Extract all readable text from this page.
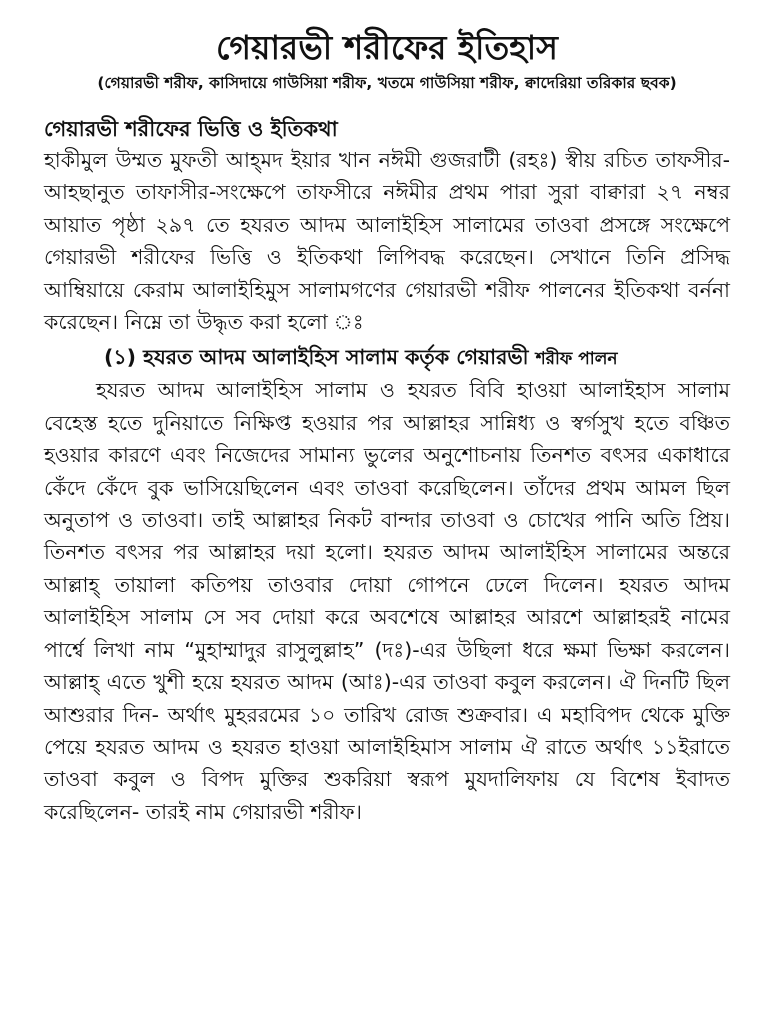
গেয়ারভী শরীফের ইতিহাস

(গেয়ারভী শরীফ, কাসিদায়ে গাউসিয়া শরীফ, খতমে গাউসিয়া শরীফ, ক্বাদেরিয়া তরিকার ছবক)

গেয়ারভী শরীফের ভিত্তি ও ইতিকথা

হাকীমুল উম্মত মুফতী আহ্‌মদ ইয়ার খান নঈমী গুজরাটী (রহঃ) স্বীয় রচিত তাফসীর- আহছানুত তাফাসীর-সংক্ষেপে তাফসীরে নঈমীর প্রথম পারা সুরা বাক্বারা ২৭ নম্বর আয়াত পৃষ্ঠা ২৯৭ তে হযরত আদম আলাইহিস সালামের তাওবা প্রসঙ্গে সংক্ষেপে গেয়ারভী শরীফের ভিত্তি ও ইতিকথা লিপিবদ্ধ করেছেন। সেখানে তিনি প্রসিদ্ধ আম্বিয়ায়ে কেরাম আলাইহিমুস সালামগণের গেয়ারভী শরীফ পালনের ইতিকথা বর্ননা করেছেন। নিম্নে তা উদ্ধৃত করা হলো ঃ

(১) হযরত আদম আলাইহিস সালাম কর্তৃক গেয়ারভী শরীফ পালন

হযরত আদম আলাইহিস সালাম ও হযরত বিবি হাওয়া আলাইহাস সালাম বেহেস্ত হতে দুনিয়াতে নিক্ষিপ্ত হওয়ার পর আল্লাহর সান্নিধ্য ও স্বর্গসুখ হতে বঞ্চিত হওয়ার কারণে এবং নিজেদের সামান্য ভুলের অনুশোচনায় তিনশত বৎসর একাধারে কেঁদে কেঁদে বুক ভাসিয়েছিলেন এবং তাওবা করেছিলেন। তাঁদের প্রথম আমল ছিল অনুতাপ ও তাওবা। তাই আল্লাহর নিকট বান্দার তাওবা ও চোখের পানি অতি প্রিয়। তিনশত বৎসর পর আল্লাহর দয়া হলো। হযরত আদম আলাইহিস সালামের অন্তরে আল্লাহ্ তায়ালা কতিপয় তাওবার দোয়া গোপনে ঢেলে দিলেন। হযরত আদম আলাইহিস সালাম সে সব দোয়া করে অবশেষে আল্লাহর আরশে আল্লাহরই নামের পার্শ্বে লিখা নাম “মুহাম্মাদুর রাসুলুল্লাহ” (দঃ)-এর উছিলা ধরে ক্ষমা ভিক্ষা করলেন। আল্লাহ্ এতে খুশী হয়ে হযরত আদম (আঃ)-এর তাওবা কবুল করলেন। ঐ দিনটি ছিল আশুরার দিন- অর্থাৎ মুহররমের ১০ তারিখ রোজ শুক্রবার। এ মহাবিপদ থেকে মুক্তি পেয়ে হযরত আদম ও হযরত হাওয়া আলাইহিমাস সালাম ঐ রাতে অর্থাৎ ১১ইরাতে তাওবা কবুল ও বিপদ মুক্তির শুকরিয়া স্বরূপ মুযদালিফায় যে বিশেষ ইবাদত করেছিলেন- তারই নাম গেয়ারভী শরীফ।
